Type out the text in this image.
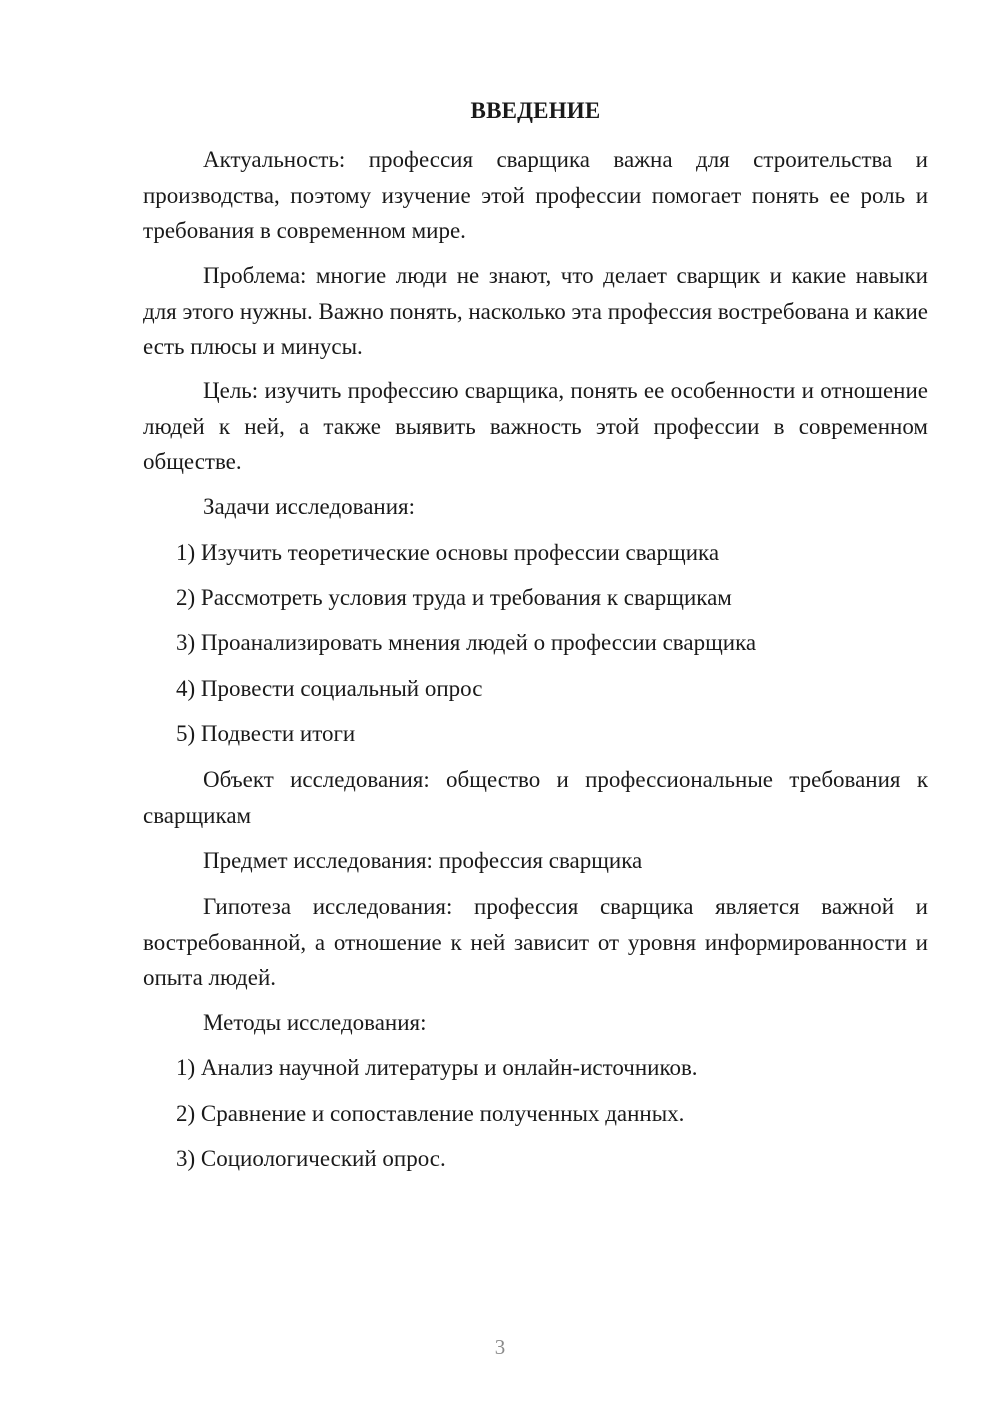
ВВЕДЕНИЕ

Актуальность: профессия сварщика важна для строительства и производства, поэтому изучение этой профессии помогает понять ее роль и требования в современном мире.

Проблема: многие люди не знают, что делает сварщик и какие навыки для этого нужны. Важно понять, насколько эта профессия востребована и какие есть плюсы и минусы.

Цель: изучить профессию сварщика, понять ее особенности и отношение людей к ней, а также выявить важность этой профессии в современном обществе.

Задачи исследования:

1) Изучить теоретические основы профессии сварщика

2) Рассмотреть условия труда и требования к сварщикам

3) Проанализировать мнения людей о профессии сварщика

4) Провести социальный опрос

5) Подвести итоги

Объект исследования: общество и профессиональные требования к сварщикам

Предмет исследования: профессия сварщика

Гипотеза исследования: профессия сварщика является важной и востребованной, а отношение к ней зависит от уровня информированности и опыта людей.

Методы исследования:

1) Анализ научной литературы и онлайн-источников.

2) Сравнение и сопоставление полученных данных.

3) Социологический опрос.

3
